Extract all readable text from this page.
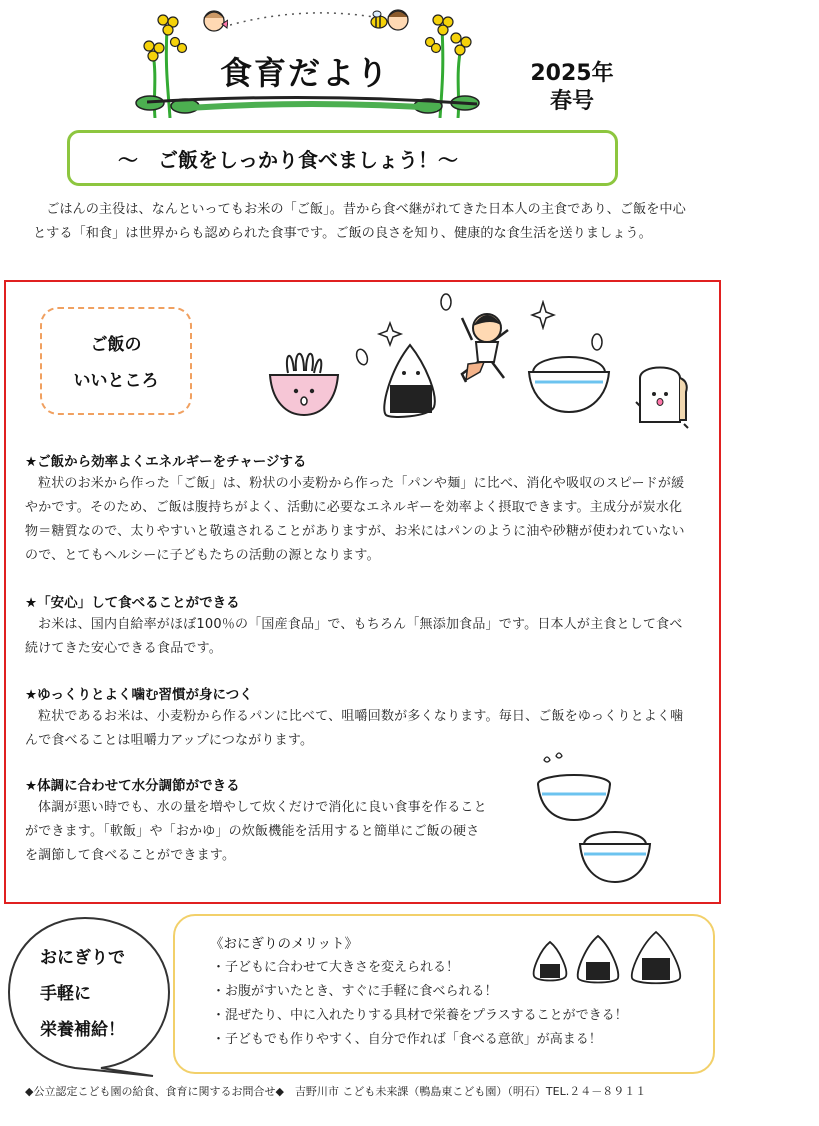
食育だより	2025年
春号
～　ご飯をしっかり食べましょう！～
ごはんの主役は、なんといってもお米の「ご飯」。昔から食べ継がれてきた日本人の主食であり、ご飯を中心とする「和食」は世界からも認められた食事です。ご飯の良さを知り、健康的な食生活を送りましょう。
ご飯の
いいところ
★ご飯から効率よくエネルギーをチャージする
粒状のお米から作った「ご飯」は、粉状の小麦粉から作った「パンや麺」に比べ、消化や吸収のスピードが緩やかです。そのため、ご飯は腹持ちがよく、活動に必要なエネルギーを効率よく摂取できます。主成分が炭水化物＝糖質なので、太りやすいと敬遠されることがありますが、お米にはパンのように油や砂糖が使われていないので、とてもヘルシーに子どもたちの活動の源となります。
★「安心」して食べることができる
お米は、国内自給率がほぼ100％の「国産食品」で、もちろん「無添加食品」です。日本人が主食として食べ続けてきた安心できる食品です。
★ゆっくりとよく噛む習慣が身につく
粒状であるお米は、小麦粉から作るパンに比べて、咀嚼回数が多くなります。毎日、ご飯をゆっくりとよく噛んで食べることは咀嚼力アップにつながります。
★体調に合わせて水分調節ができる
体調が悪い時でも、水の量を増やして炊くだけで消化に良い食事を作ることができます。「軟飯」や「おかゆ」の炊飯機能を活用すると簡単にご飯の硬さを調節して食べることができます。
おにぎりで
手軽に
栄養補給！
《おにぎりのメリット》
・子どもに合わせて大きさを変えられる！
・お腹がすいたとき、すぐに手軽に食べられる！
・混ぜたり、中に入れたりする具材で栄養をプラスすることができる！
・子どもでも作りやすく、自分で作れば「食べる意欲」が高まる！
◆公立認定こども園の給食、食育に関するお問合せ◆　吉野川市 こども未来課（鴨島東こども園）（明石）TEL.２４－８９１１
